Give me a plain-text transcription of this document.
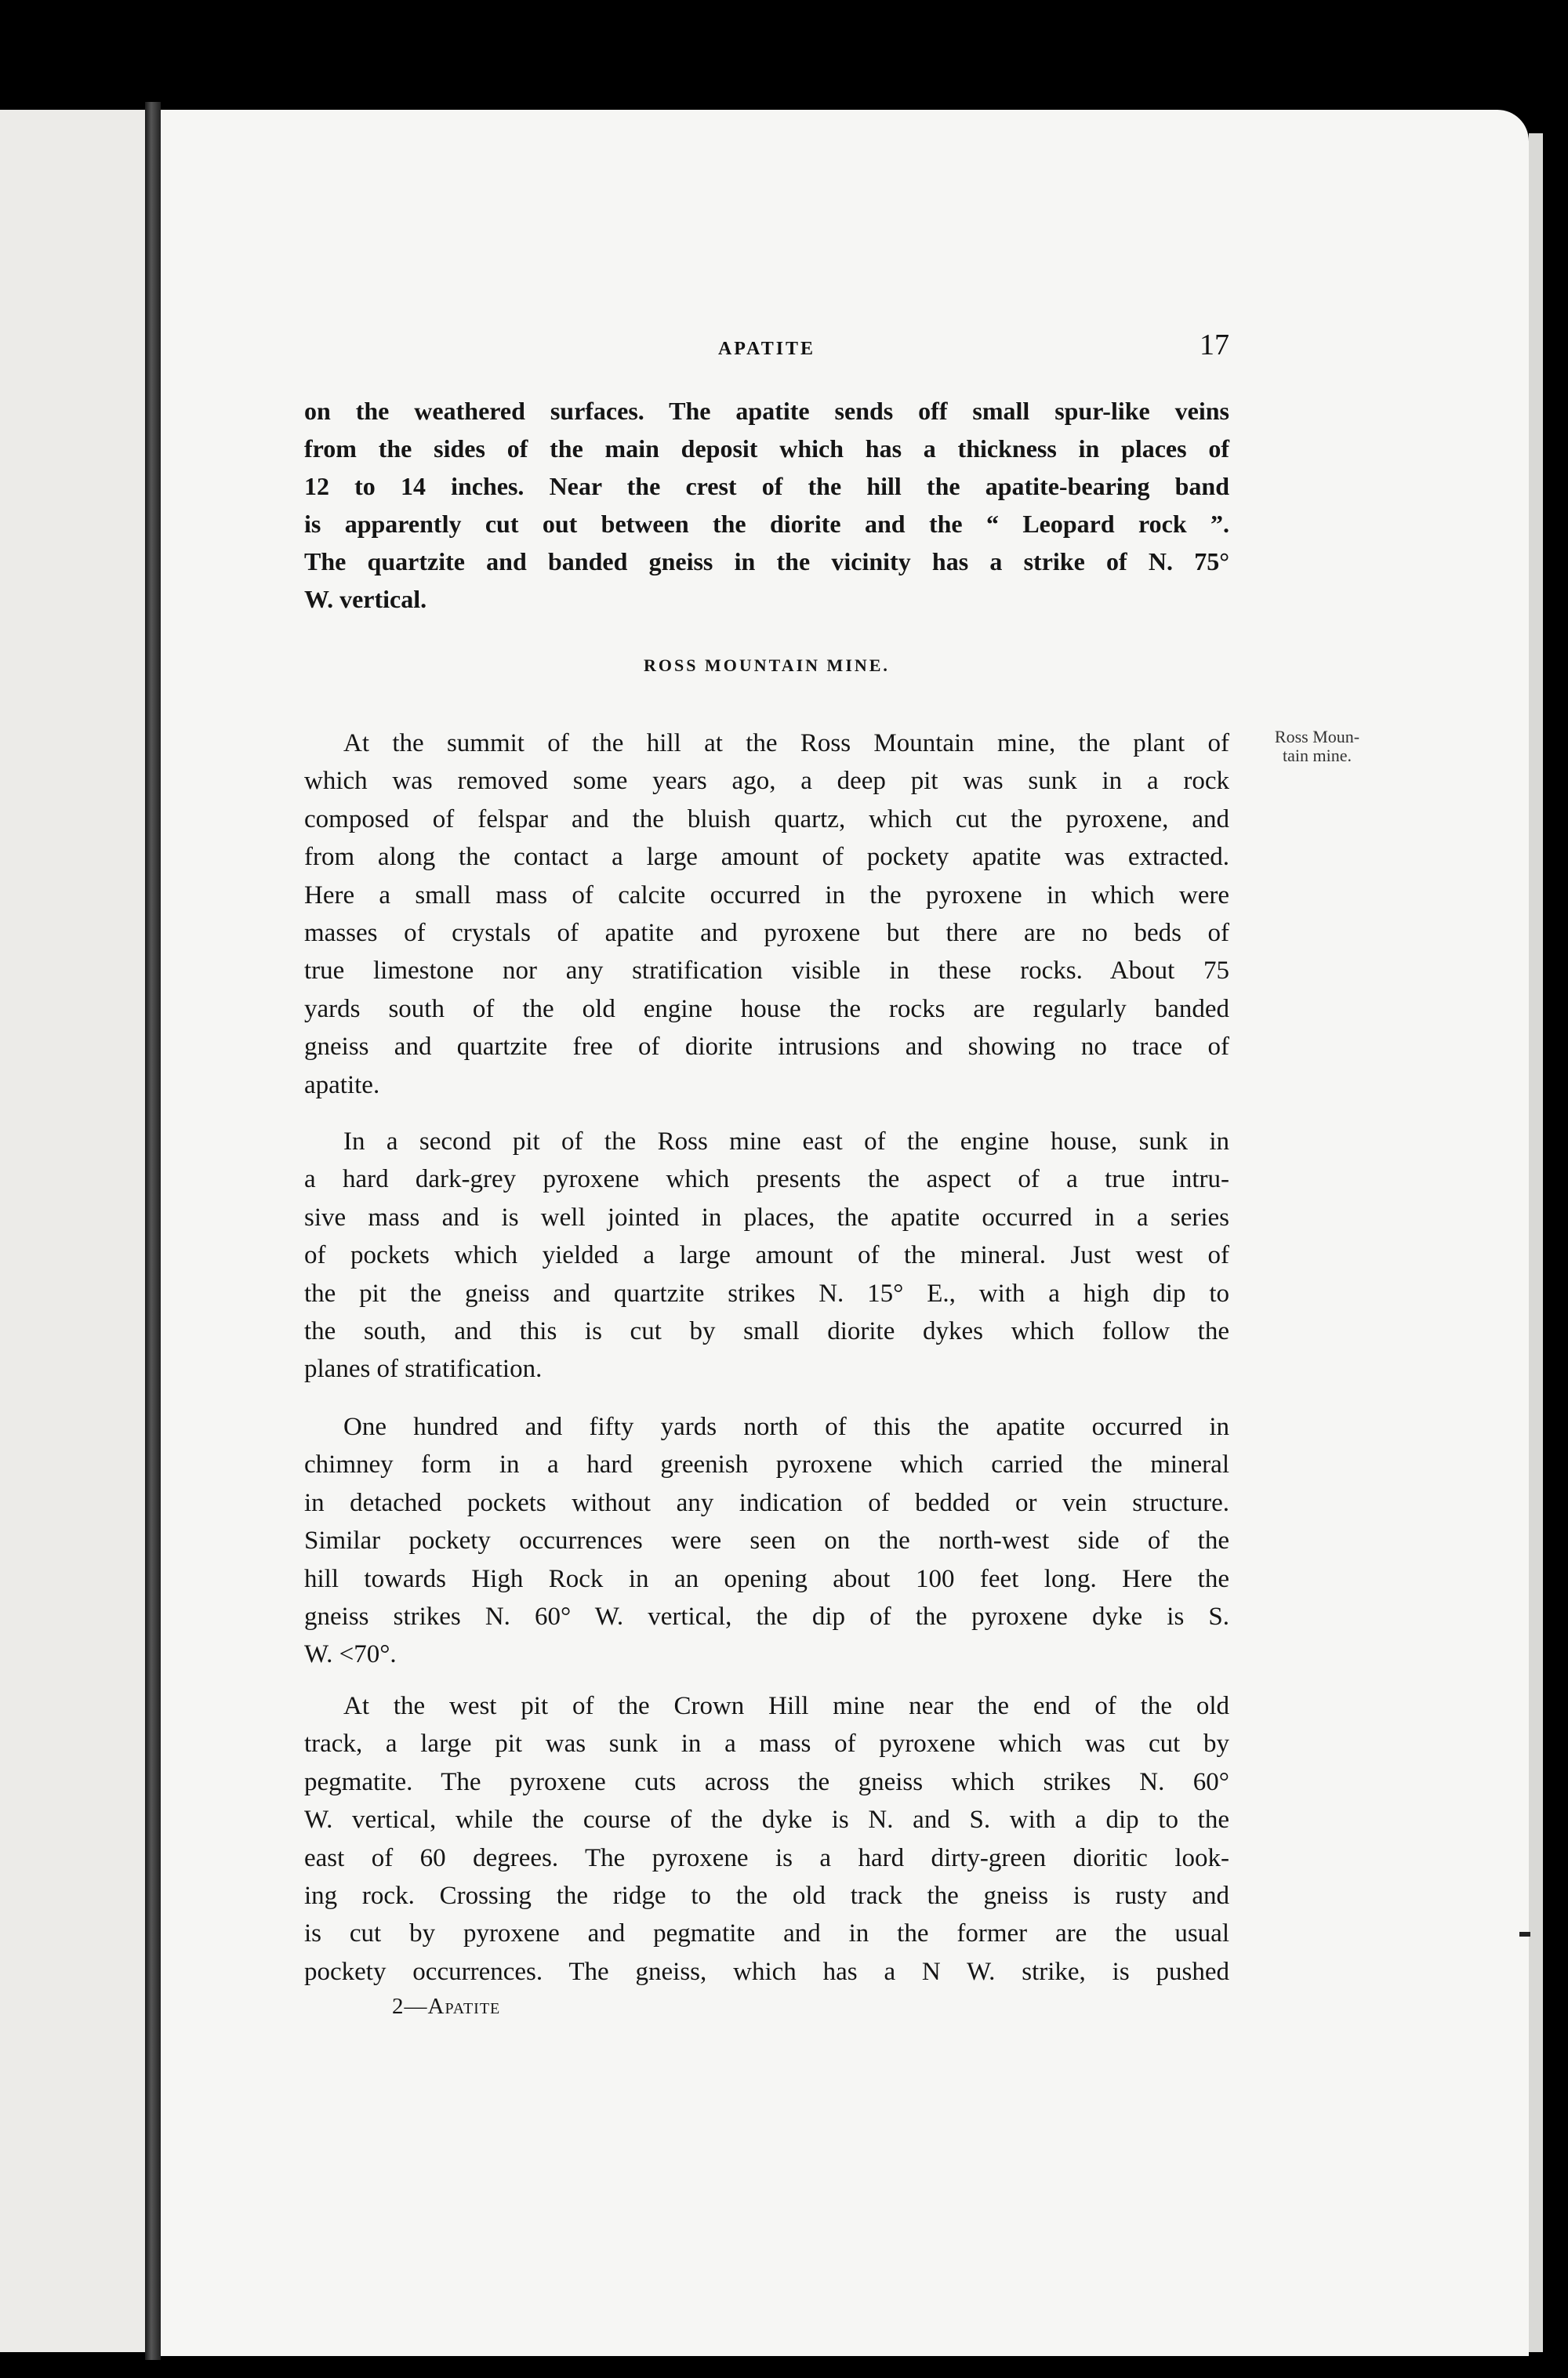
APATITE	17

on the weathered surfaces. The apatite sends off small spur-like veins

from the sides of the main deposit which has a thickness in places of

12 to 14 inches. Near the crest of the hill the apatite-bearing band

is apparently cut out between the diorite and the “ Leopard rock ”.

The quartzite and banded gneiss in the vicinity has a strike of N. 75°

W. vertical.

ROSS MOUNTAIN MINE.
Ross Moun-
tain mine.

At the summit of the hill at the Ross Mountain mine, the plant of

which was removed some years ago, a deep pit was sunk in a rock

composed of felspar and the bluish quartz, which cut the pyroxene, and

from along the contact a large amount of pockety apatite was extracted.

Here a small mass of calcite occurred in the pyroxene in which were

masses of crystals of apatite and pyroxene but there are no beds of

true limestone nor any stratification visible in these rocks. About 75

yards south of the old engine house the rocks are regularly banded

gneiss and quartzite free of diorite intrusions and showing no trace of

apatite.

In a second pit of the Ross mine east of the engine house, sunk in

a hard dark-grey pyroxene which presents the aspect of a true intru-

sive mass and is well jointed in places, the apatite occurred in a series

of pockets which yielded a large amount of the mineral. Just west of

the pit the gneiss and quartzite strikes N. 15° E., with a high dip to

the south, and this is cut by small diorite dykes which follow the

planes of stratification.

One hundred and fifty yards north of this the apatite occurred in

chimney form in a hard greenish pyroxene which carried the mineral

in detached pockets without any indication of bedded or vein structure.

Similar pockety occurrences were seen on the north-west side of the

hill towards High Rock in an opening about 100 feet long. Here the

gneiss strikes N. 60° W. vertical, the dip of the pyroxene dyke is S.

W. <70°.

At the west pit of the Crown Hill mine near the end of the old

track, a large pit was sunk in a mass of pyroxene which was cut by

pegmatite. The pyroxene cuts across the gneiss which strikes N. 60°

W. vertical, while the course of the dyke is N. and S. with a dip to the

east of 60 degrees. The pyroxene is a hard dirty-green dioritic look-

ing rock. Crossing the ridge to the old track the gneiss is rusty and

is cut by pyroxene and pegmatite and in the former are the usual

pockety occurrences. The gneiss, which has a N W. strike, is pushed

2—Apatite
